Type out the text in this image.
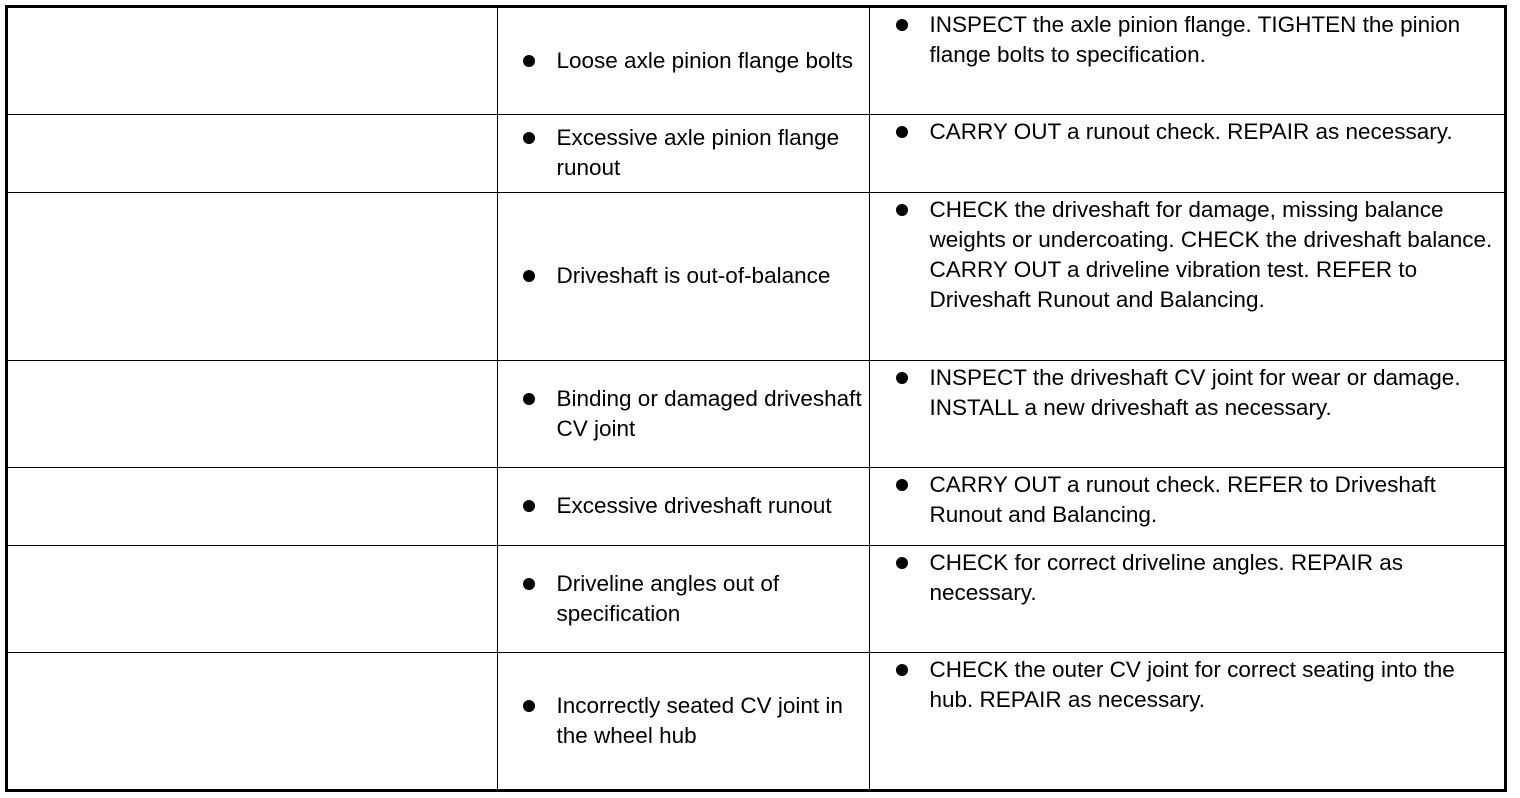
	Loose axle pinion flange bolts	INSPECT the axle pinion flange. TIGHTEN the pinion flange bolts to specification.

	Excessive axle pinion flange runout	CARRY OUT a runout check. REPAIR as necessary.

	Driveshaft is out-of-balance	CHECK the driveshaft for damage, missing balance weights or undercoating. CHECK the driveshaft balance. CARRY OUT a driveline vibration test. REFER to Driveshaft Runout and Balancing.

	Binding or damaged driveshaft CV joint	INSPECT the driveshaft CV joint for wear or damage. INSTALL a new driveshaft as necessary.

	Excessive driveshaft runout	CARRY OUT a runout check. REFER to Driveshaft Runout and Balancing.

	Driveline angles out of specification	CHECK for correct driveline angles. REPAIR as necessary.

	Incorrectly seated CV joint in the wheel hub	CHECK the outer CV joint for correct seating into the hub. REPAIR as necessary.
